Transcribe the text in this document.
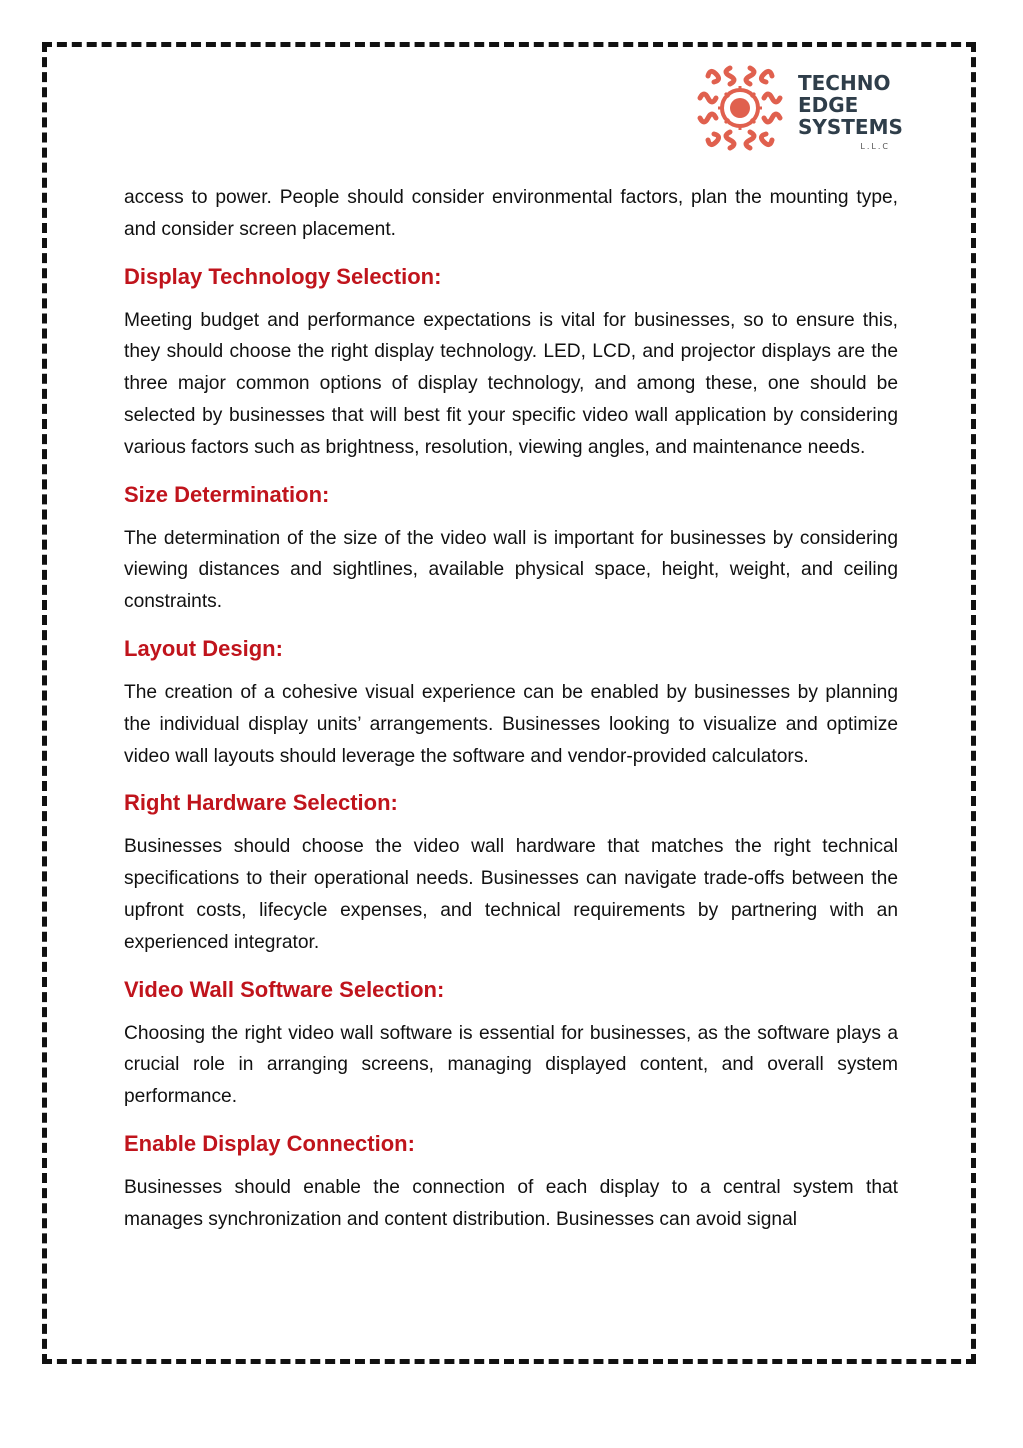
TECHNO
EDGE
SYSTEMS
L.L.C

access to power. People should consider environmental factors, plan the mounting type, and consider screen placement.

Display Technology Selection:

Meeting budget and performance expectations is vital for businesses, so to ensure this, they should choose the right display technology. LED, LCD, and projector displays are the three major common options of display technology, and among these, one should be selected by businesses that will best fit your specific video wall application by considering various factors such as brightness, resolution, viewing angles, and maintenance needs.

Size Determination:

The determination of the size of the video wall is important for businesses by considering viewing distances and sightlines, available physical space, height, weight, and ceiling constraints.

Layout Design:

The creation of a cohesive visual experience can be enabled by businesses by planning the individual display units’ arrangements. Businesses looking to visualize and optimize video wall layouts should leverage the software and vendor-provided calculators.

Right Hardware Selection:

Businesses should choose the video wall hardware that matches the right technical specifications to their operational needs. Businesses can navigate trade-offs between the upfront costs, lifecycle expenses, and technical requirements by partnering with an experienced integrator.

Video Wall Software Selection:

Choosing the right video wall software is essential for businesses, as the software plays a crucial role in arranging screens, managing displayed content, and overall system performance.

Enable Display Connection:

Businesses should enable the connection of each display to a central system that manages synchronization and content distribution. Businesses can avoid signal
